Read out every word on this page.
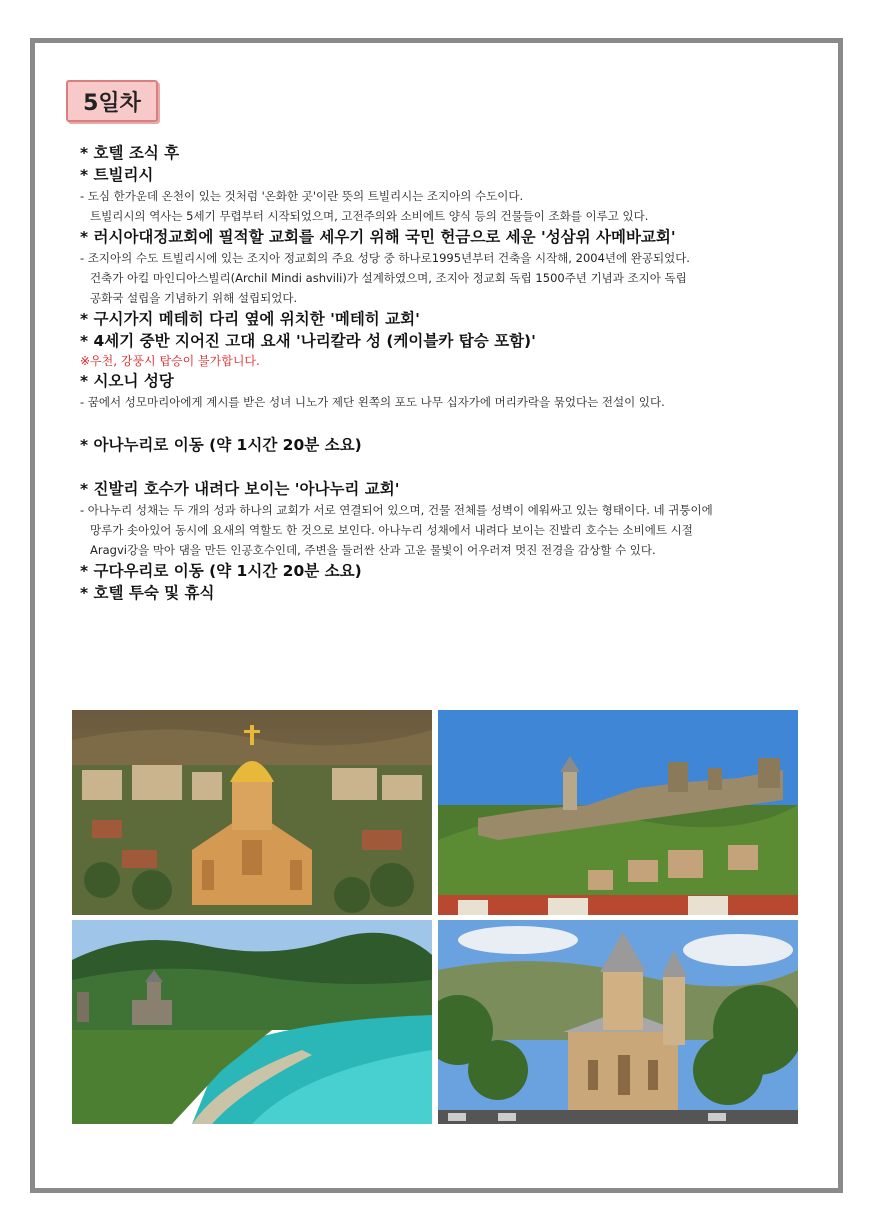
5일차

* 호텔 조식 후

* 트빌리시

- 도심 한가운데 온천이 있는 것처럼 '온화한 곳'이란 뜻의 트빌리시는 조지아의 수도이다.
트빌리시의 역사는 5세기 무렵부터 시작되었으며, 고전주의와 소비에트 양식 등의 건물들이 조화를 이루고 있다.

* 러시아대정교회에 필적할 교회를 세우기 위해 국민 헌금으로 세운 '성삼위 사메바교회'

- 조지아의 수도 트빌리시에 있는 조지아 정교회의 주요 성당 중 하나로1995년부터 건축을 시작해, 2004년에 완공되었다.
건축가 아킬 마인디아스빌리(Archil Mindi ashvili)가 설계하였으며, 조지아 정교회 독립 1500주년 기념과 조지아 독립
공화국 설립을 기념하기 위해 설립되었다.

* 구시가지 메테히 다리 옆에 위치한 '메테히 교회'

* 4세기 중반 지어진 고대 요새 '나리칼라 성 (케이블카 탑승 포함)'

※우천, 강풍시 탑승이 불가합니다.

* 시오니 성당

- 꿈에서 성모마리아에게 계시를 받은 성녀 니노가 제단 왼쪽의 포도 나무 십자가에 머리카락을 묶었다는 전설이 있다.

* 아나누리로 이동 (약 1시간 20분 소요)

* 진발리 호수가 내려다 보이는 '아나누리 교회'

- 아나누리 성채는 두 개의 성과 하나의 교회가 서로 연결되어 있으며, 건물 전체를 성벽이 에워싸고 있는 형태이다. 네 귀퉁이에
망루가 솟아있어 동시에 요새의 역할도 한 것으로 보인다. 아나누리 성채에서 내려다 보이는 진발리 호수는 소비에트 시절
Aragvi강을 막아 댐을 만든 인공호수인데, 주변을 둘러싼 산과 고운 물빛이 어우러져 멋진 전경을 감상할 수 있다.

* 구다우리로 이동 (약 1시간 20분 소요)

* 호텔 투숙 및 휴식
